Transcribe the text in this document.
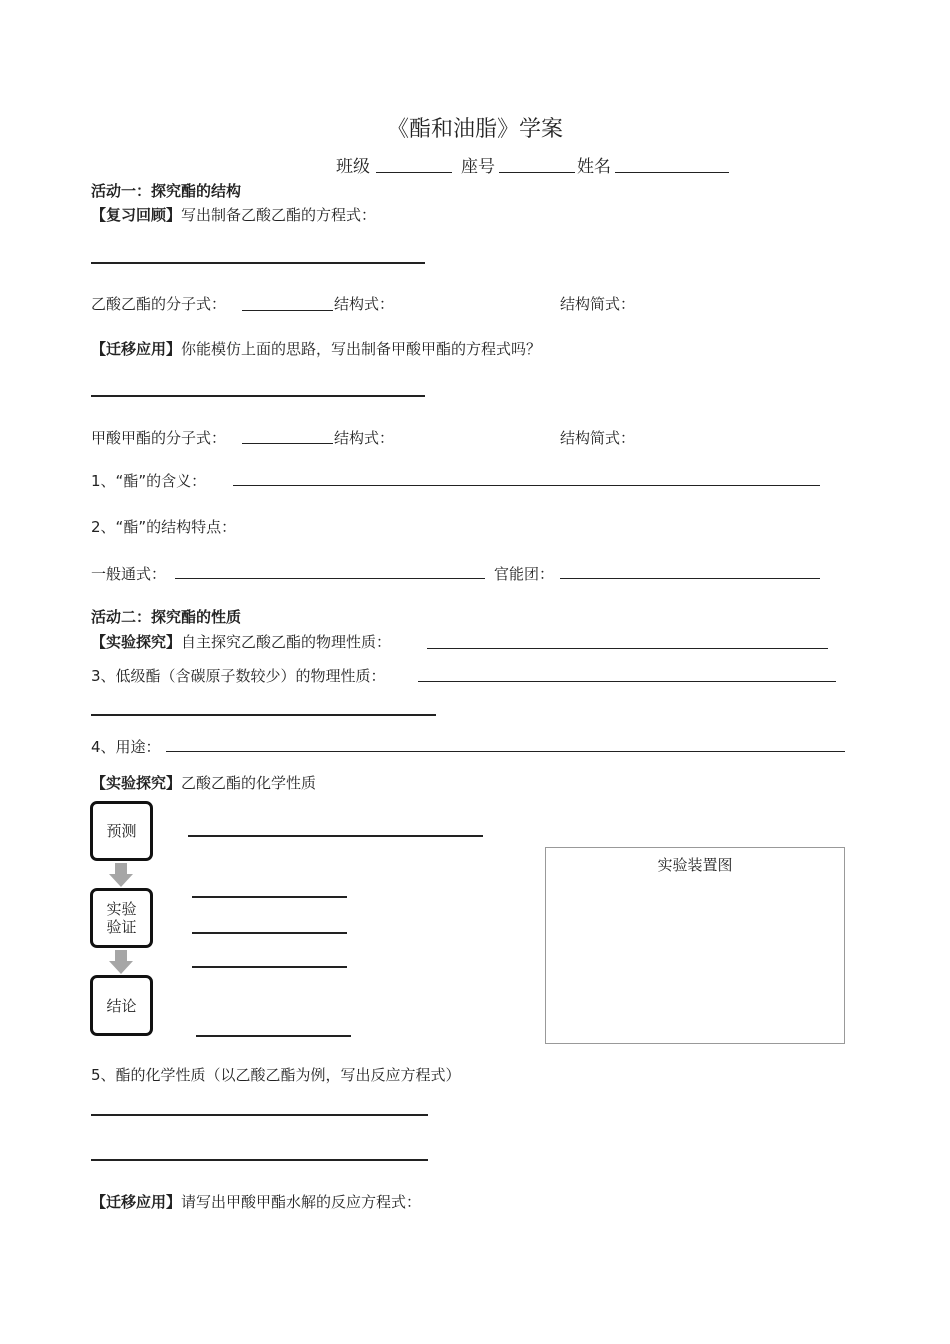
《酯和油脂》学案
班级	座号	姓名
活动一：探究酯的结构
【复习回顾】写出制备乙酸乙酯的方程式：
乙酸乙酯的分子式：	结构式：	结构简式：
【迁移应用】你能模仿上面的思路，写出制备甲酸甲酯的方程式吗？
甲酸甲酯的分子式：	结构式：	结构简式：
1、“酯”的含义：
2、“酯”的结构特点：
一般通式：	官能团：
活动二：探究酯的性质
【实验探究】自主探究乙酸乙酯的物理性质：
3、低级酯（含碳原子数较少）的物理性质：
4、用途：
【实验探究】乙酸乙酯的化学性质
预测
实验
验证
结论
实验装置图
5、酯的化学性质（以乙酸乙酯为例，写出反应方程式）
【迁移应用】请写出甲酸甲酯水解的反应方程式：
